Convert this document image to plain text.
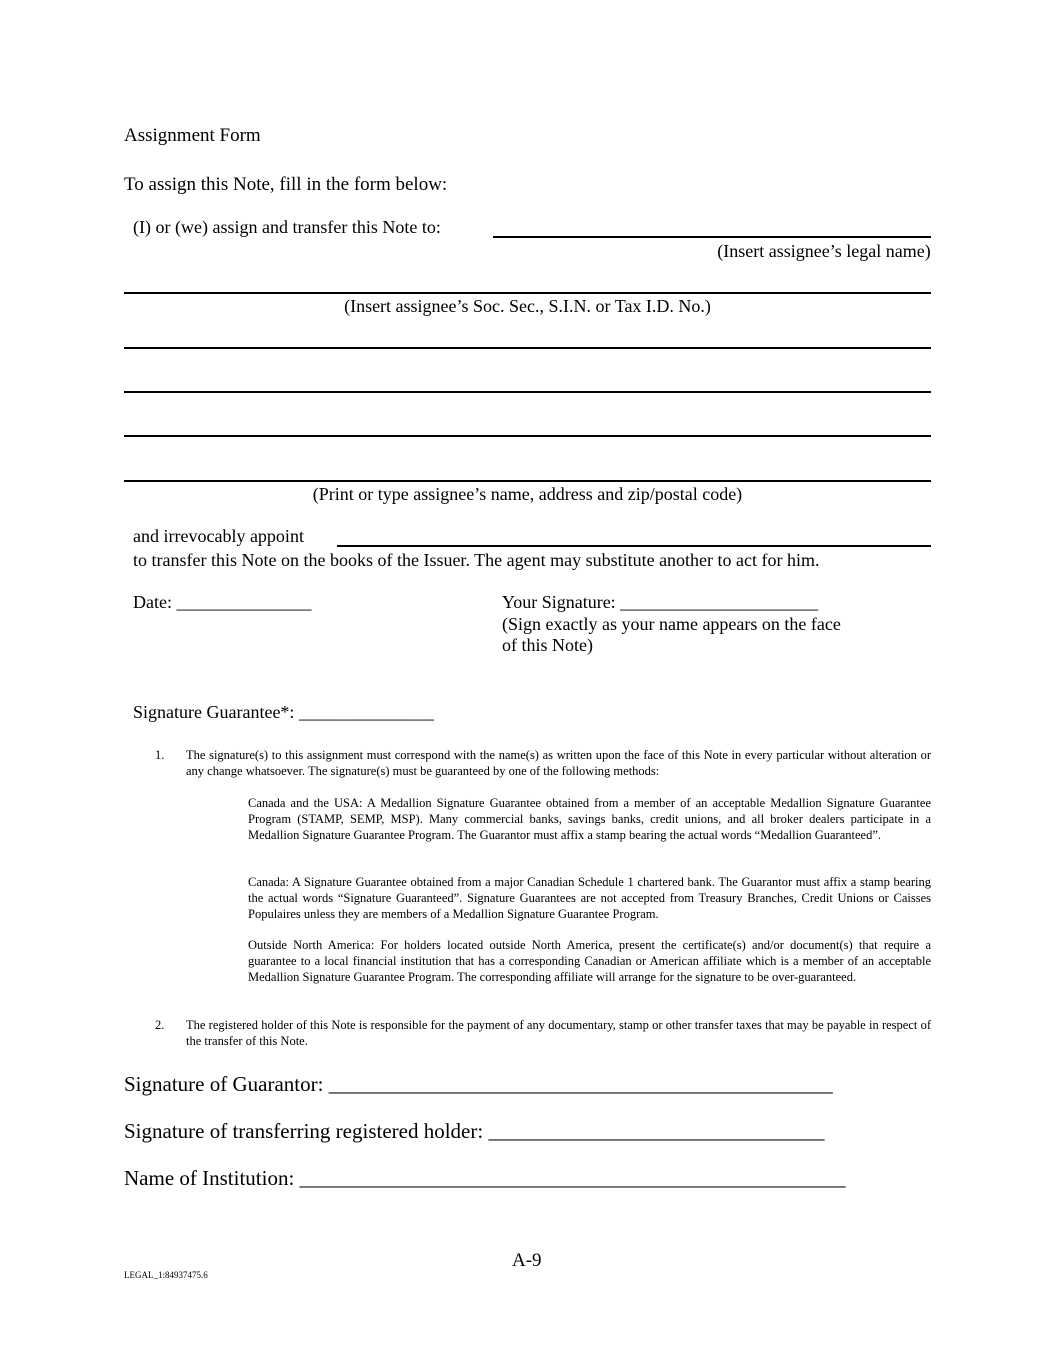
Assignment Form
To assign this Note, fill in the form below:
(I) or (we) assign and transfer this Note to:
(Insert assignee’s legal name)
(Insert assignee’s Soc. Sec., S.I.N. or Tax I.D. No.)
(Print or type assignee’s name, address and zip/postal code)
and irrevocably appoint
to transfer this Note on the books of the Issuer. The agent may substitute another to act for him.
Date: _______________	Your Signature: ______________________
(Sign exactly as your name appears on the face
of this Note)
Signature Guarantee*: _______________
1. The signature(s) to this assignment must correspond with the name(s) as written upon the face of this Note in every particular without alteration or any change whatsoever. The signature(s) must be guaranteed by one of the following methods:
Canada and the USA: A Medallion Signature Guarantee obtained from a member of an acceptable Medallion Signature Guarantee Program (STAMP, SEMP, MSP). Many commercial banks, savings banks, credit unions, and all broker dealers participate in a Medallion Signature Guarantee Program. The Guarantor must affix a stamp bearing the actual words “Medallion Guaranteed”.
Canada: A Signature Guarantee obtained from a major Canadian Schedule 1 chartered bank. The Guarantor must affix a stamp bearing the actual words “Signature Guaranteed”. Signature Guarantees are not accepted from Treasury Branches, Credit Unions or Caisses Populaires unless they are members of a Medallion Signature Guarantee Program.
Outside North America: For holders located outside North America, present the certificate(s) and/or document(s) that require a guarantee to a local financial institution that has a corresponding Canadian or American affiliate which is a member of an acceptable Medallion Signature Guarantee Program. The corresponding affiliate will arrange for the signature to be over-guaranteed.
2. The registered holder of this Note is responsible for the payment of any documentary, stamp or other transfer taxes that may be payable in respect of the transfer of this Note.
Signature of Guarantor: ________________________________________________
Signature of transferring registered holder: ________________________________
Name of Institution: ____________________________________________________
A-9
LEGAL_1:84937475.6
